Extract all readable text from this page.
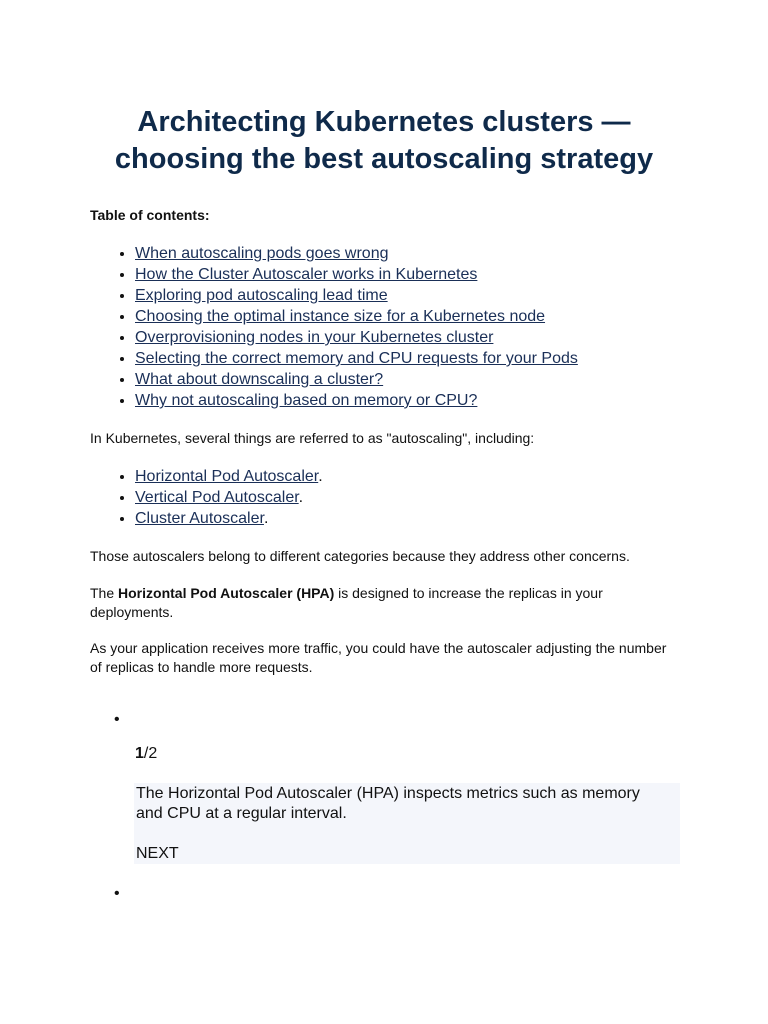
Architecting Kubernetes clusters —
choosing the best autoscaling strategy

Table of contents:

• When autoscaling pods goes wrong
• How the Cluster Autoscaler works in Kubernetes
• Exploring pod autoscaling lead time
• Choosing the optimal instance size for a Kubernetes node
• Overprovisioning nodes in your Kubernetes cluster
• Selecting the correct memory and CPU requests for your Pods
• What about downscaling a cluster?
• Why not autoscaling based on memory or CPU?

In Kubernetes, several things are referred to as "autoscaling", including:

• Horizontal Pod Autoscaler.
• Vertical Pod Autoscaler.
• Cluster Autoscaler.

Those autoscalers belong to different categories because they address other concerns.

The Horizontal Pod Autoscaler (HPA) is designed to increase the replicas in your deployments.

As your application receives more traffic, you could have the autoscaler adjusting the number of replicas to handle more requests.

•
1/2

The Horizontal Pod Autoscaler (HPA) inspects metrics such as memory and CPU at a regular interval.

NEXT
•
